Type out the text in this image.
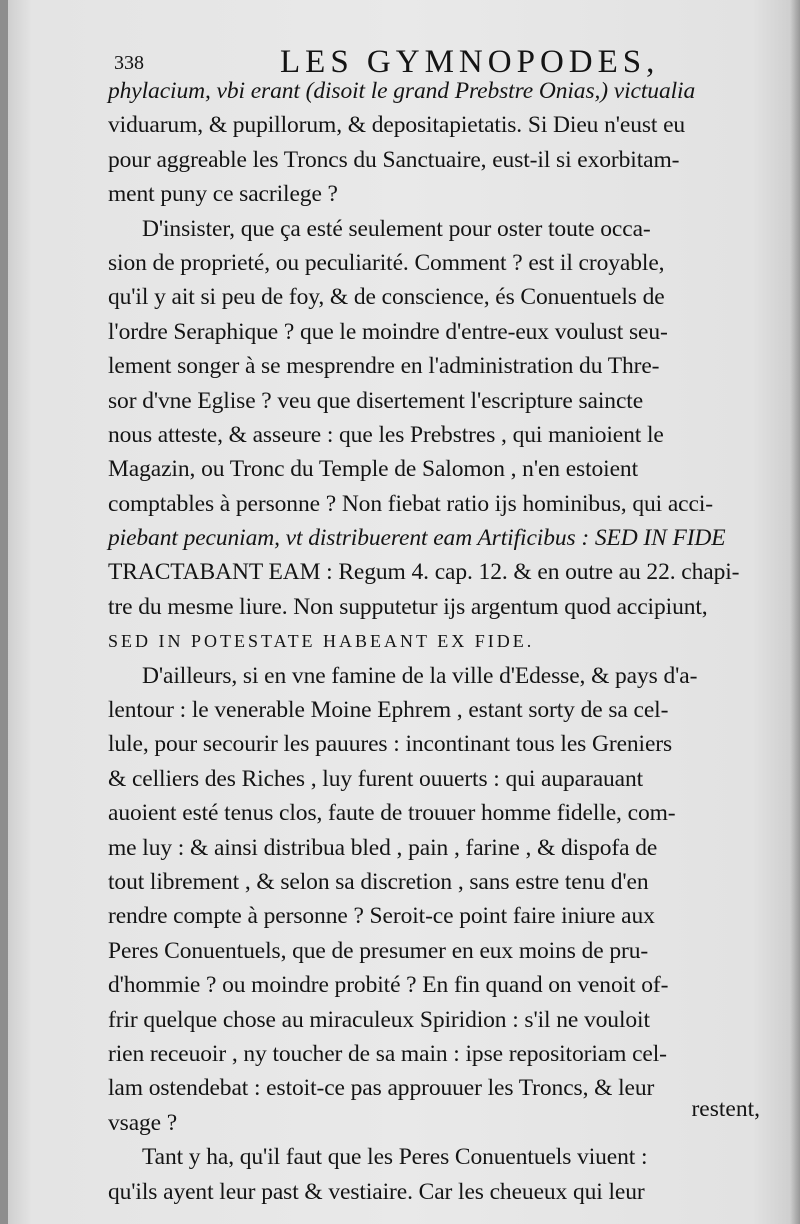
338	LES GYMNOPODES,
phylacium, vbi erant (disoit le grand Prebstre Onias,) victualia
viduarum, & pupillorum, & depositapietatis. Si Dieu n'eust eu
pour aggreable les Troncs du Sanctuaire, eust-il si exorbitam-
ment puny ce sacrilege ?
D'insister, que ça esté seulement pour oster toute occa-
sion de proprieté, ou peculiarité. Comment ? est il croyable,
qu'il y ait si peu de foy, & de conscience, és Conuentuels de
l'ordre Seraphique ? que le moindre d'entre-eux voulust seu-
lement songer à se mesprendre en l'administration du Thre-
sor d'vne Eglise ? veu que disertement l'escripture saincte
nous atteste, & asseure : que les Prebstres , qui manioient le
Magazin, ou Tronc du Temple de Salomon , n'en estoient
comptables à personne ? Non fiebat ratio ijs hominibus, qui acci-
piebant pecuniam, vt distribuerent eam Artificibus : SED IN FIDE
TRACTABANT EAM : Regum 4. cap. 12. & en outre au 22. chapi-
tre du mesme liure. Non supputetur ijs argentum quod accipiunt,
SED IN POTESTATE HABEANT EX FIDE.
D'ailleurs, si en vne famine de la ville d'Edesse, & pays d'a-
lentour : le venerable Moine Ephrem , estant sorty de sa cel-
lule, pour secourir les pauures : incontinant tous les Greniers
& celliers des Riches , luy furent ouuerts : qui auparauant
auoient esté tenus clos, faute de trouuer homme fidelle, com-
me luy : & ainsi distribua bled , pain , farine , & dispofa de
tout librement , & selon sa discretion , sans estre tenu d'en
rendre compte à personne ? Seroit-ce point faire iniure aux
Peres Conuentuels, que de presumer en eux moins de pru-
d'hommie ? ou moindre probité ? En fin quand on venoit of-
frir quelque chose au miraculeux Spiridion : s'il ne vouloit
rien receuoir , ny toucher de sa main : ipse repositoriam cel-
lam ostendebat : estoit-ce pas approuuer les Troncs, & leur
vsage ?
Tant y ha, qu'il faut que les Peres Conuentuels viuent :
qu'ils ayent leur past & vestiaire. Car les cheueux qui leur
restent,
